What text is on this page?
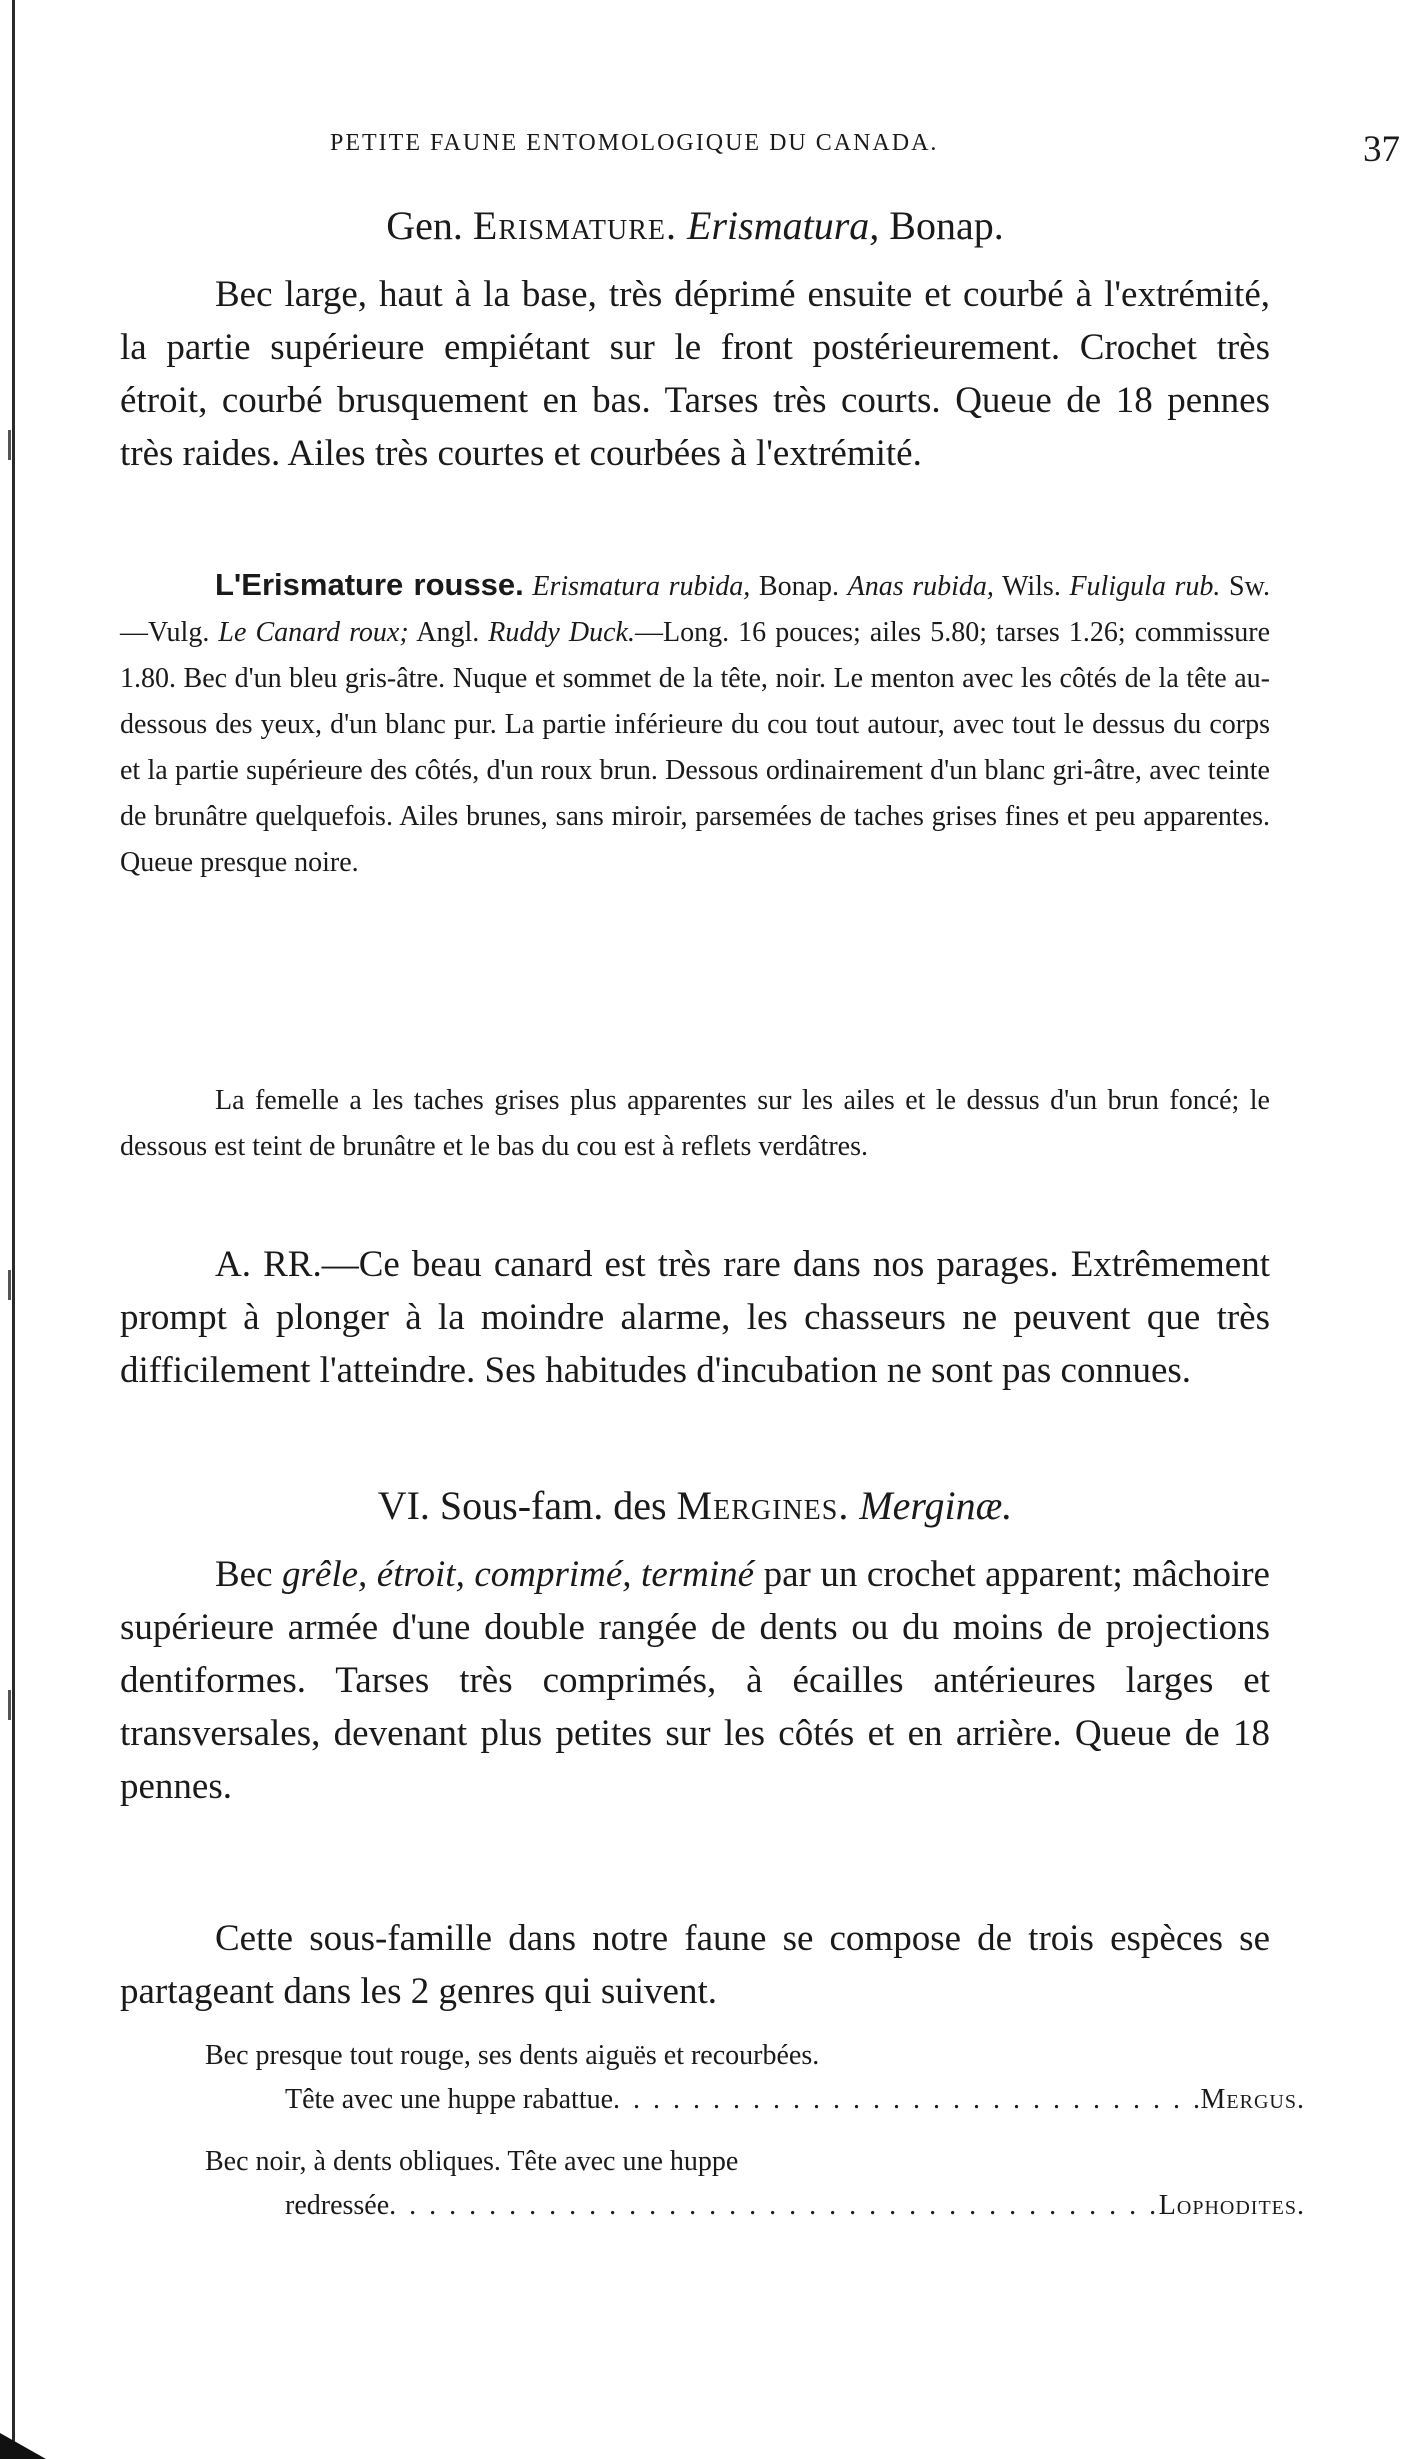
PETITE FAUNE ENTOMOLOGIQUE DU CANADA.	37
Gen. Erismature. Erismatura, Bonap.

Bec large, haut à la base, très déprimé ensuite et courbé à l'extrémité, la partie supérieure empiétant sur le front postérieurement. Crochet très étroit, courbé brusquement en bas. Tarses très courts. Queue de 18 pennes très raides. Ailes très courtes et courbées à l'extrémité.

L'Erismature rousse. Erismatura rubida, Bonap. Anas rubida, Wils. Fuligula rub. Sw.—Vulg. Le Canard roux; Angl. Ruddy Duck.—Long. 16 pouces; ailes 5.80; tarses 1.26; commissure 1.80. Bec d'un bleu gris-âtre. Nuque et sommet de la tête, noir. Le menton avec les côtés de la tête au-dessous des yeux, d'un blanc pur. La partie inférieure du cou tout autour, avec tout le dessus du corps et la partie supérieure des côtés, d'un roux brun. Dessous ordinairement d'un blanc gri-âtre, avec teinte de brunâtre quelquefois. Ailes brunes, sans miroir, parsemées de taches grises fines et peu apparentes. Queue presque noire.

La femelle a les taches grises plus apparentes sur les ailes et le dessus d'un brun foncé; le dessous est teint de brunâtre et le bas du cou est à reflets verdâtres.

A. RR.—Ce beau canard est très rare dans nos parages. Extrêmement prompt à plonger à la moindre alarme, les chasseurs ne peuvent que très difficilement l'atteindre. Ses habitudes d'incubation ne sont pas connues.

VI. Sous-fam. des Mergines. Merginæ.

Bec grêle, étroit, comprimé, terminé par un crochet apparent; mâchoire supérieure armée d'une double rangée de dents ou du moins de projections dentiformes. Tarses très comprimés, à écailles antérieures larges et transversales, devenant plus petites sur les côtés et en arrière. Queue de 18 pennes.

Cette sous-famille dans notre faune se compose de trois espèces se partageant dans les 2 genres qui suivent.

Bec presque tout rouge, ses dents aiguës et recourbées.
Tête avec une huppe rabattue . . .	Mergus.
Bec noir, à dents obliques. Tête avec une huppe
redressée . . .	Lophodites.
